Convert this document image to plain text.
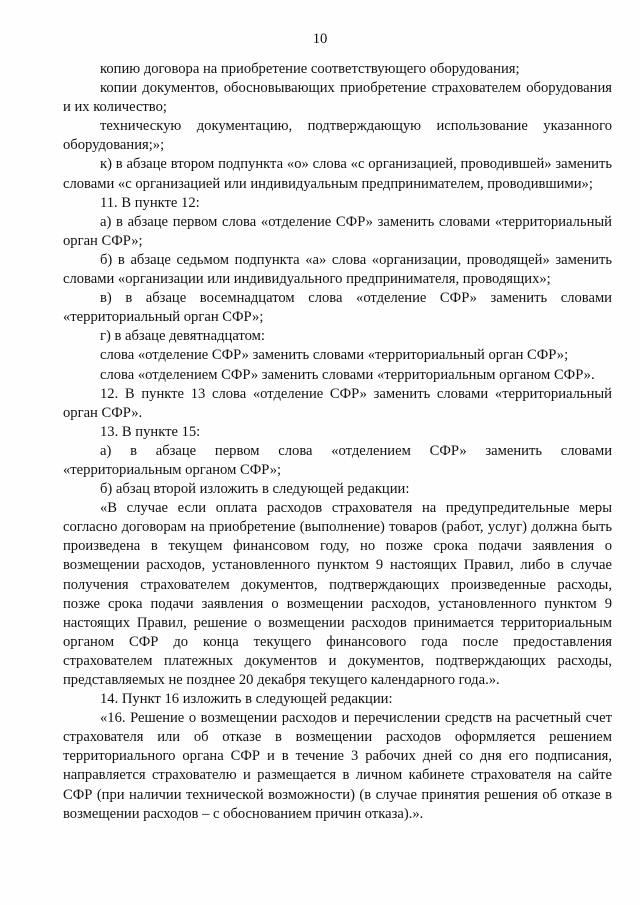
10

копию договора на приобретение соответствующего оборудования;

копии документов, обосновывающих приобретение страхователем оборудования и их количество;

техническую документацию, подтверждающую использование указанного оборудования;»;

к) в абзаце втором подпункта «о» слова «с организацией, проводившей» заменить словами «с организацией или индивидуальным предпринимателем, проводившими»;

11. В пункте 12:

а) в абзаце первом слова «отделение СФР» заменить словами «территориальный орган СФР»;

б) в абзаце седьмом подпункта «а» слова «организации, проводящей» заменить словами «организации или индивидуального предпринимателя, проводящих»;

в) в абзаце восемнадцатом слова «отделение СФР» заменить словами «территориальный орган СФР»;

г) в абзаце девятнадцатом:

слова «отделение СФР» заменить словами «территориальный орган СФР»;

слова «отделением СФР» заменить словами «территориальным органом СФР».

12. В пункте 13 слова «отделение СФР» заменить словами «территориальный орган СФР».

13. В пункте 15:

а) в абзаце первом слова «отделением СФР» заменить словами «территориальным органом СФР»;

б) абзац второй изложить в следующей редакции:

«В случае если оплата расходов страхователя на предупредительные меры согласно договорам на приобретение (выполнение) товаров (работ, услуг) должна быть произведена в текущем финансовом году, но позже срока подачи заявления о возмещении расходов, установленного пунктом 9 настоящих Правил, либо в случае получения страхователем документов, подтверждающих произведенные расходы, позже срока подачи заявления о возмещении расходов, установленного пунктом 9 настоящих Правил, решение о возмещении расходов принимается территориальным органом СФР до конца текущего финансового года после предоставления страхователем платежных документов и документов, подтверждающих расходы, представляемых не позднее 20 декабря текущего календарного года.».

14. Пункт 16 изложить в следующей редакции:

«16. Решение о возмещении расходов и перечислении средств на расчетный счет страхователя или об отказе в возмещении расходов оформляется решением территориального органа СФР и в течение 3 рабочих дней со дня его подписания, направляется страхователю и размещается в личном кабинете страхователя на сайте СФР (при наличии технической возможности) (в случае принятия решения об отказе в возмещении расходов – с обоснованием причин отказа).».
